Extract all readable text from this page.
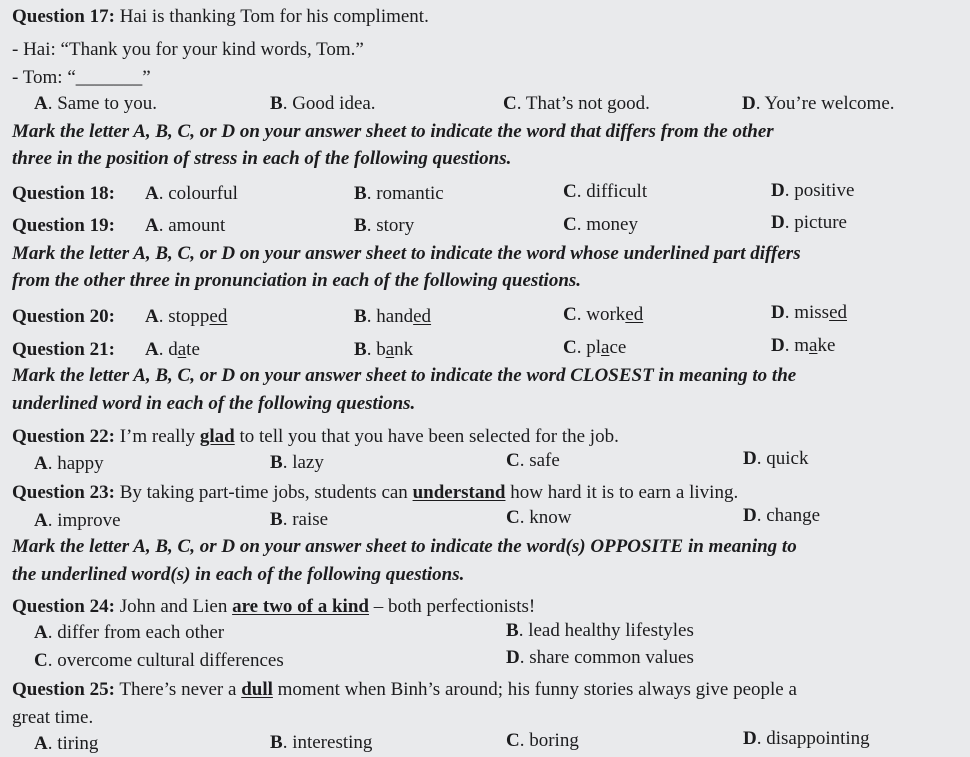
Question 17: Hai is thanking Tom for his compliment.
- Hai: “Thank you for your kind words, Tom.”
- Tom: “_______”
A. Same to you.	B. Good idea.	C. That’s not good.	D. You’re welcome.
Mark the letter A, B, C, or D on your answer sheet to indicate the word that differs from the other
three in the position of stress in each of the following questions.
Question 18: A. colourful	B. romantic	C. difficult	D. positive
Question 19: A. amount	B. story	C. money	D. picture
Mark the letter A, B, C, or D on your answer sheet to indicate the word whose underlined part differs
from the other three in pronunciation in each of the following questions.
Question 20: A. stopped	B. handed	C. worked	D. missed
Question 21: A. date	B. bank	C. place	D. make
Mark the letter A, B, C, or D on your answer sheet to indicate the word CLOSEST in meaning to the
underlined word in each of the following questions.
Question 22: I’m really glad to tell you that you have been selected for the job.
A. happy	B. lazy	C. safe	D. quick
Question 23: By taking part-time jobs, students can understand how hard it is to earn a living.
A. improve	B. raise	C. know	D. change
Mark the letter A, B, C, or D on your answer sheet to indicate the word(s) OPPOSITE in meaning to
the underlined word(s) in each of the following questions.
Question 24: John and Lien are two of a kind – both perfectionists!
A. differ from each other	B. lead healthy lifestyles
C. overcome cultural differences	D. share common values
Question 25: There’s never a dull moment when Binh’s around; his funny stories always give people a
great time.
A. tiring	B. interesting	C. boring	D. disappointing
